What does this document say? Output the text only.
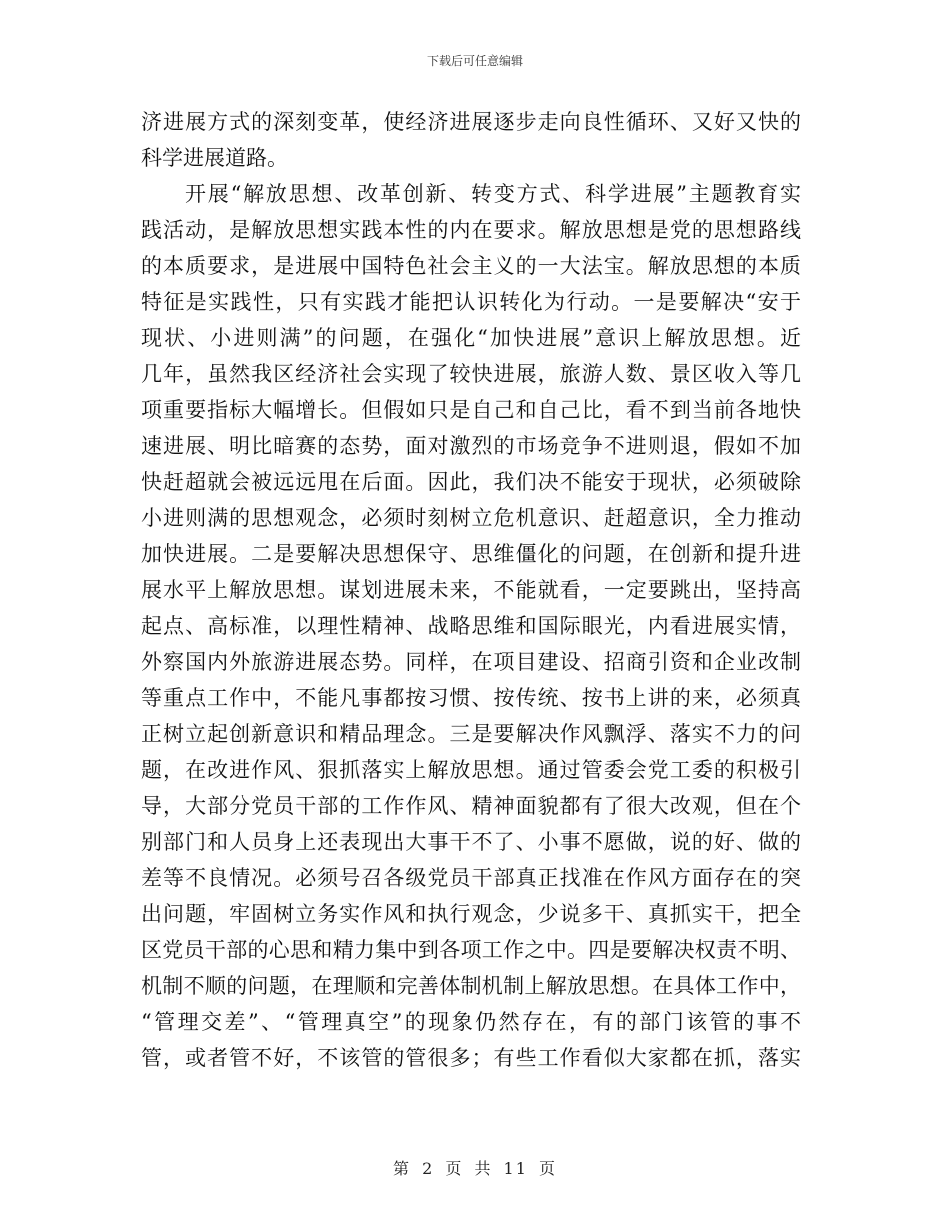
下载后可任意编辑
济进展方式的深刻变革，使经济进展逐步走向良性循环、又好又快的
科学进展道路。
开展“解放思想、改革创新、转变方式、科学进展”主题教育实
践活动，是解放思想实践本性的内在要求。解放思想是党的思想路线
的本质要求，是进展中国特色社会主义的一大法宝。解放思想的本质
特征是实践性，只有实践才能把认识转化为行动。一是要解决“安于
现状、小进则满”的问题，在强化“加快进展”意识上解放思想。近
几年，虽然我区经济社会实现了较快进展，旅游人数、景区收入等几
项重要指标大幅增长。但假如只是自己和自己比，看不到当前各地快
速进展、明比暗赛的态势，面对激烈的市场竞争不进则退，假如不加
快赶超就会被远远甩在后面。因此，我们决不能安于现状，必须破除
小进则满的思想观念，必须时刻树立危机意识、赶超意识，全力推动
加快进展。二是要解决思想保守、思维僵化的问题，在创新和提升进
展水平上解放思想。谋划进展未来，不能就看，一定要跳出，坚持高
起点、高标准，以理性精神、战略思维和国际眼光，内看进展实情，
外察国内外旅游进展态势。同样，在项目建设、招商引资和企业改制
等重点工作中，不能凡事都按习惯、按传统、按书上讲的来，必须真
正树立起创新意识和精品理念。三是要解决作风飘浮、落实不力的问
题，在改进作风、狠抓落实上解放思想。通过管委会党工委的积极引
导，大部分党员干部的工作作风、精神面貌都有了很大改观，但在个
别部门和人员身上还表现出大事干不了、小事不愿做，说的好、做的
差等不良情况。必须号召各级党员干部真正找准在作风方面存在的突
出问题，牢固树立务实作风和执行观念，少说多干、真抓实干，把全
区党员干部的心思和精力集中到各项工作之中。四是要解决权责不明、
机制不顺的问题，在理顺和完善体制机制上解放思想。在具体工作中，
“管理交差”、“管理真空”的现象仍然存在，有的部门该管的事不
管，或者管不好，不该管的管很多；有些工作看似大家都在抓，落实
第 2 页 共 11 页
